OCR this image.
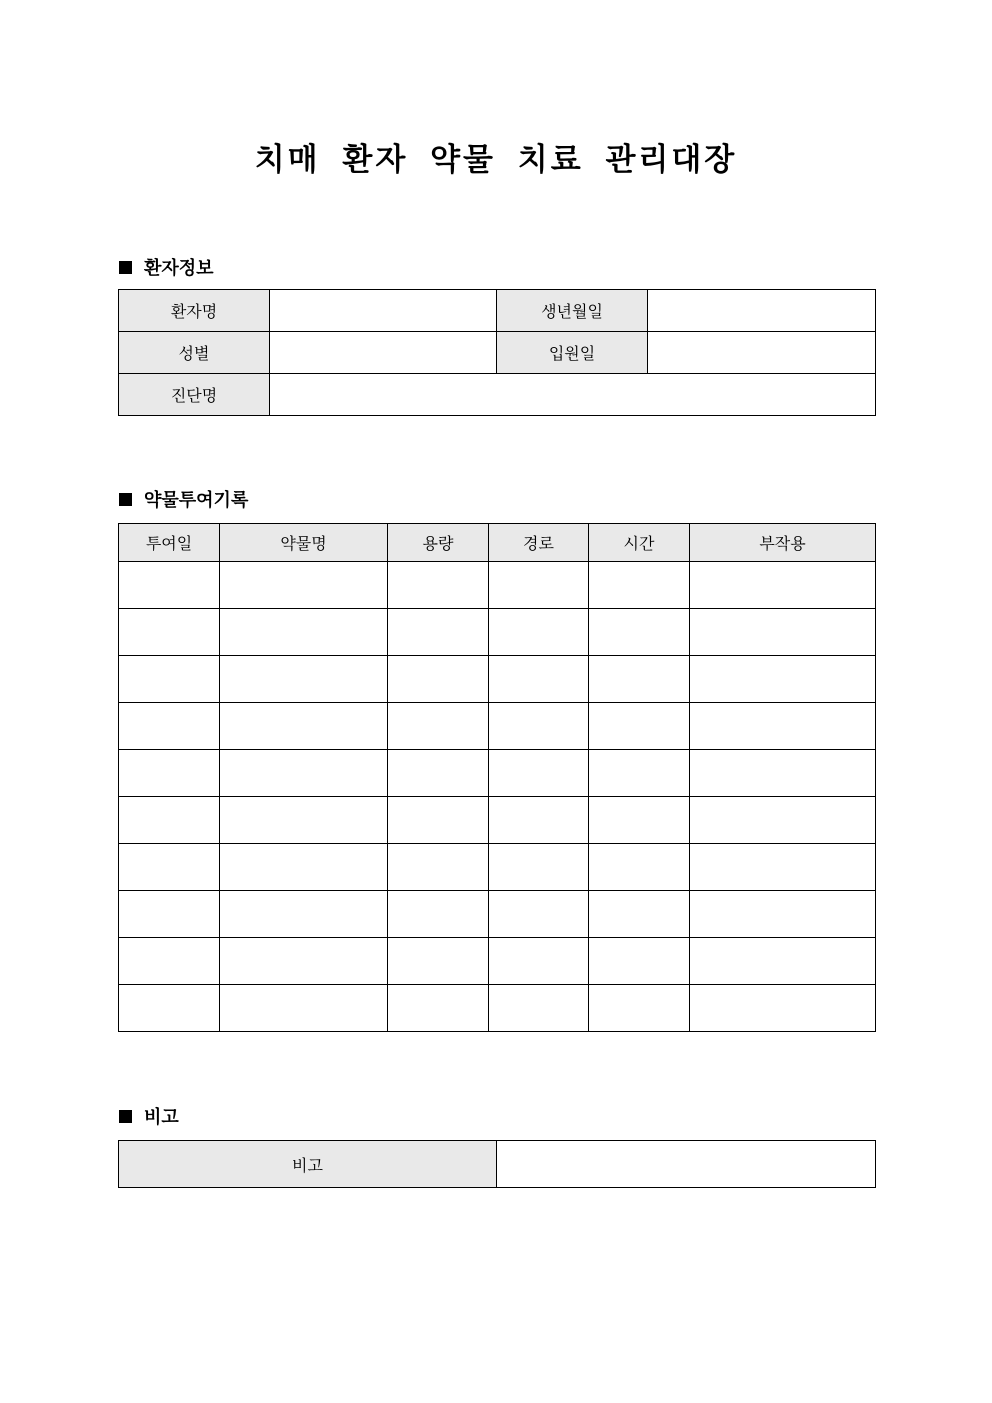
치매 환자 약물 치료 관리대장
환자정보
환자명		생년월일	
성별		입원일	
진단명			
약물투여기록
투여일	약물명	용량	경로	시간	부작용

비고
비고	
